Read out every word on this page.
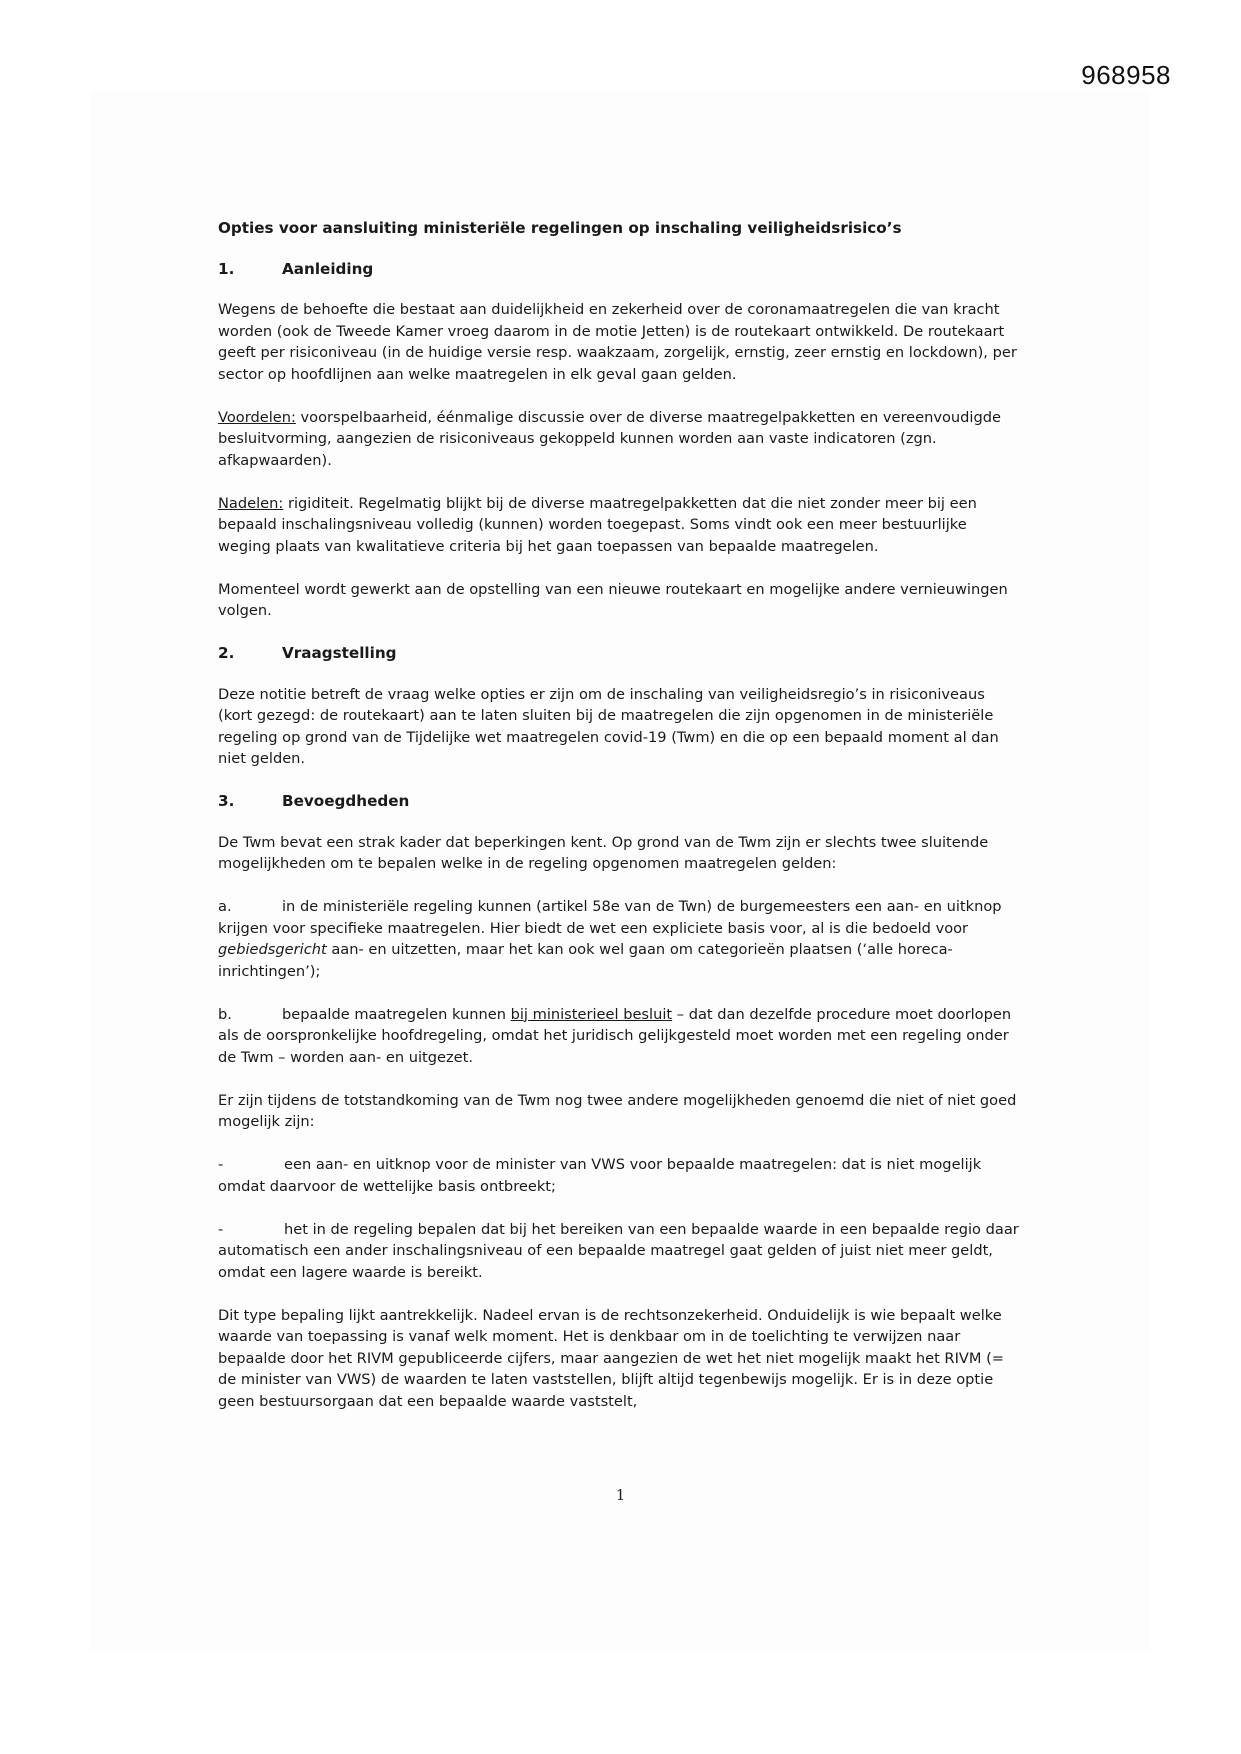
968958
Opties voor aansluiting ministeriële regelingen op inschaling veiligheidsrisico’s
1.	Aanleiding

Wegens de behoefte die bestaat aan duidelijkheid en zekerheid over de coronamaatregelen die van kracht worden (ook de Tweede Kamer vroeg daarom in de motie Jetten) is de routekaart ontwikkeld. De routekaart geeft per risiconiveau (in de huidige versie resp. waakzaam, zorgelijk, ernstig, zeer ernstig en lockdown), per sector op hoofdlijnen aan welke maatregelen in elk geval gaan gelden.

Voordelen: voorspelbaarheid, éénmalige discussie over de diverse maatregelpakketten en vereenvoudigde besluitvorming, aangezien de risiconiveaus gekoppeld kunnen worden aan vaste indicatoren (zgn. afkapwaarden).

Nadelen: rigiditeit. Regelmatig blijkt bij de diverse maatregelpakketten dat die niet zonder meer bij een bepaald inschalingsniveau volledig (kunnen) worden toegepast. Soms vindt ook een meer bestuurlijke weging plaats van kwalitatieve criteria bij het gaan toepassen van bepaalde maatregelen.

Momenteel wordt gewerkt aan de opstelling van een nieuwe routekaart en mogelijke andere vernieuwingen volgen.

2.	Vraagstelling

Deze notitie betreft de vraag welke opties er zijn om de inschaling van veiligheidsregio’s in risiconiveaus (kort gezegd: de routekaart) aan te laten sluiten bij de maatregelen die zijn opgenomen in de ministeriële regeling op grond van de Tijdelijke wet maatregelen covid-19 (Twm) en die op een bepaald moment al dan niet gelden.

3.	Bevoegdheden

De Twm bevat een strak kader dat beperkingen kent. Op grond van de Twm zijn er slechts twee sluitende mogelijkheden om te bepalen welke in de regeling opgenomen maatregelen gelden:

a.	in de ministeriële regeling kunnen (artikel 58e van de Twn) de burgemeesters een aan- en uitknop krijgen voor specifieke maatregelen. Hier biedt de wet een expliciete basis voor, al is die bedoeld voor gebiedsgericht aan- en uitzetten, maar het kan ook wel gaan om categorieën plaatsen (‘alle horeca-inrichtingen’);

b.	bepaalde maatregelen kunnen bij ministerieel besluit – dat dan dezelfde procedure moet doorlopen als de oorspronkelijke hoofdregeling, omdat het juridisch gelijkgesteld moet worden met een regeling onder de Twm – worden aan- en uitgezet.

Er zijn tijdens de totstandkoming van de Twm nog twee andere mogelijkheden genoemd die niet of niet goed mogelijk zijn:

-	een aan- en uitknop voor de minister van VWS voor bepaalde maatregelen: dat is niet mogelijk omdat daarvoor de wettelijke basis ontbreekt;

-	het in de regeling bepalen dat bij het bereiken van een bepaalde waarde in een bepaalde regio daar automatisch een ander inschalingsniveau of een bepaalde maatregel gaat gelden of juist niet meer geldt, omdat een lagere waarde is bereikt.

Dit type bepaling lijkt aantrekkelijk. Nadeel ervan is de rechtsonzekerheid. Onduidelijk is wie bepaalt welke waarde van toepassing is vanaf welk moment. Het is denkbaar om in de toelichting te verwijzen naar bepaalde door het RIVM gepubliceerde cijfers, maar aangezien de wet het niet mogelijk maakt het RIVM (= de minister van VWS) de waarden te laten vaststellen, blijft altijd tegenbewijs mogelijk. Er is in deze optie geen bestuursorgaan dat een bepaalde waarde vaststelt,

1
